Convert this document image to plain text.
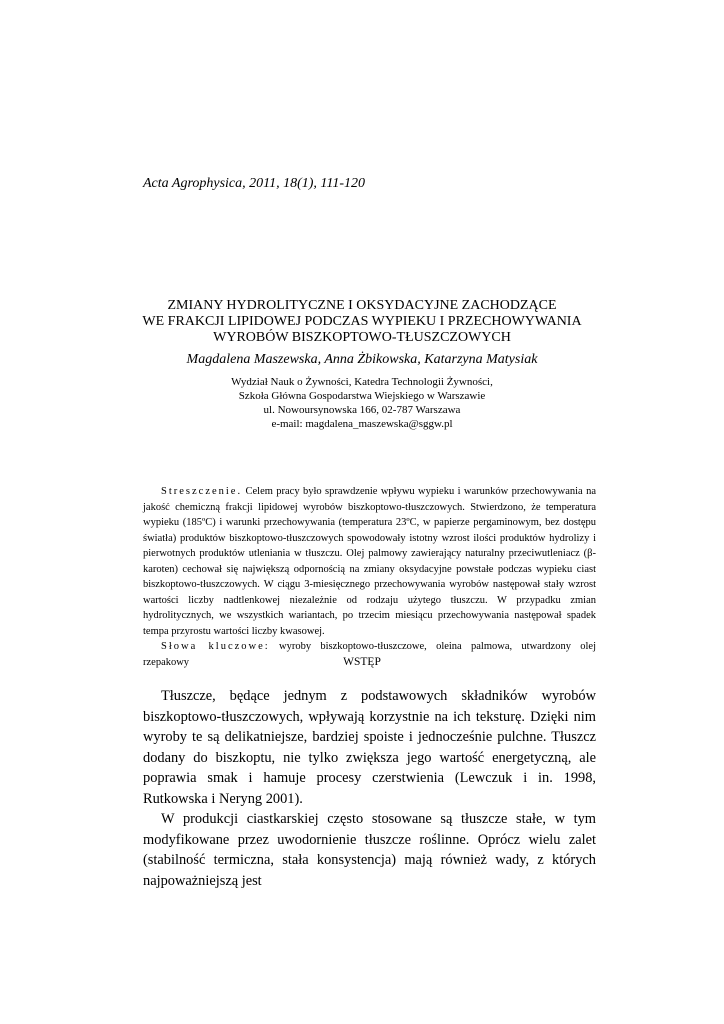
Acta Agrophysica, 2011, 18(1), 111-120
ZMIANY HYDROLITYCZNE I OKSYDACYJNE ZACHODZĄCE
WE FRAKCJI LIPIDOWEJ PODCZAS WYPIEKU I PRZECHOWYWANIA
WYROBÓW BISZKOPTOWO-TŁUSZCZOWYCH
Magdalena Maszewska, Anna Żbikowska, Katarzyna Matysiak
Wydział Nauk o Żywności, Katedra Technologii Żywności,
Szkoła Główna Gospodarstwa Wiejskiego w Warszawie
ul. Nowoursynowska 166, 02-787 Warszawa
e-mail: magdalena_maszewska@sggw.pl

Streszczenie. Celem pracy było sprawdzenie wpływu wypieku i warunków przechowywania na jakość chemiczną frakcji lipidowej wyrobów biszkoptowo-tłuszczowych. Stwierdzono, że temperatura wypieku (185ºC) i warunki przechowywania (temperatura 23ºC, w papierze pergaminowym, bez dostępu światła) produktów biszkoptowo-tłuszczowych spowodowały istotny wzrost ilości produktów hydrolizy i pierwotnych produktów utleniania w tłuszczu. Olej palmowy zawierający naturalny przeciwutleniacz (β-karoten) cechował się największą odpornością na zmiany oksydacyjne powstałe podczas wypieku ciast biszkoptowo-tłuszczowych. W ciągu 3-miesięcznego przechowywania wyrobów następował stały wzrost wartości liczby nadtlenkowej niezależnie od rodzaju użytego tłuszczu. W przypadku zmian hydrolitycznych, we wszystkich wariantach, po trzecim miesiącu przechowywania następował spadek tempa przyrostu wartości liczby kwasowej.

Słowa kluczowe: wyroby biszkoptowo-tłuszczowe, oleina palmowa, utwardzony olej rzepakowy	WSTĘP

Tłuszcze, będące jednym z podstawowych składników wyrobów biszkoptowo-tłuszczowych, wpływają korzystnie na ich teksturę. Dzięki nim wyroby te są delikatniejsze, bardziej spoiste i jednocześnie pulchne. Tłuszcz dodany do biszkoptu, nie tylko zwiększa jego wartość energetyczną, ale poprawia smak i hamuje procesy czerstwienia (Lewczuk i in. 1998, Rutkowska i Neryng 2001).

W produkcji ciastkarskiej często stosowane są tłuszcze stałe, w tym modyfikowane przez uwodornienie tłuszcze roślinne. Oprócz wielu zalet (stabilność termiczna, stała konsystencja) mają również wady, z których najpoważniejszą jest
